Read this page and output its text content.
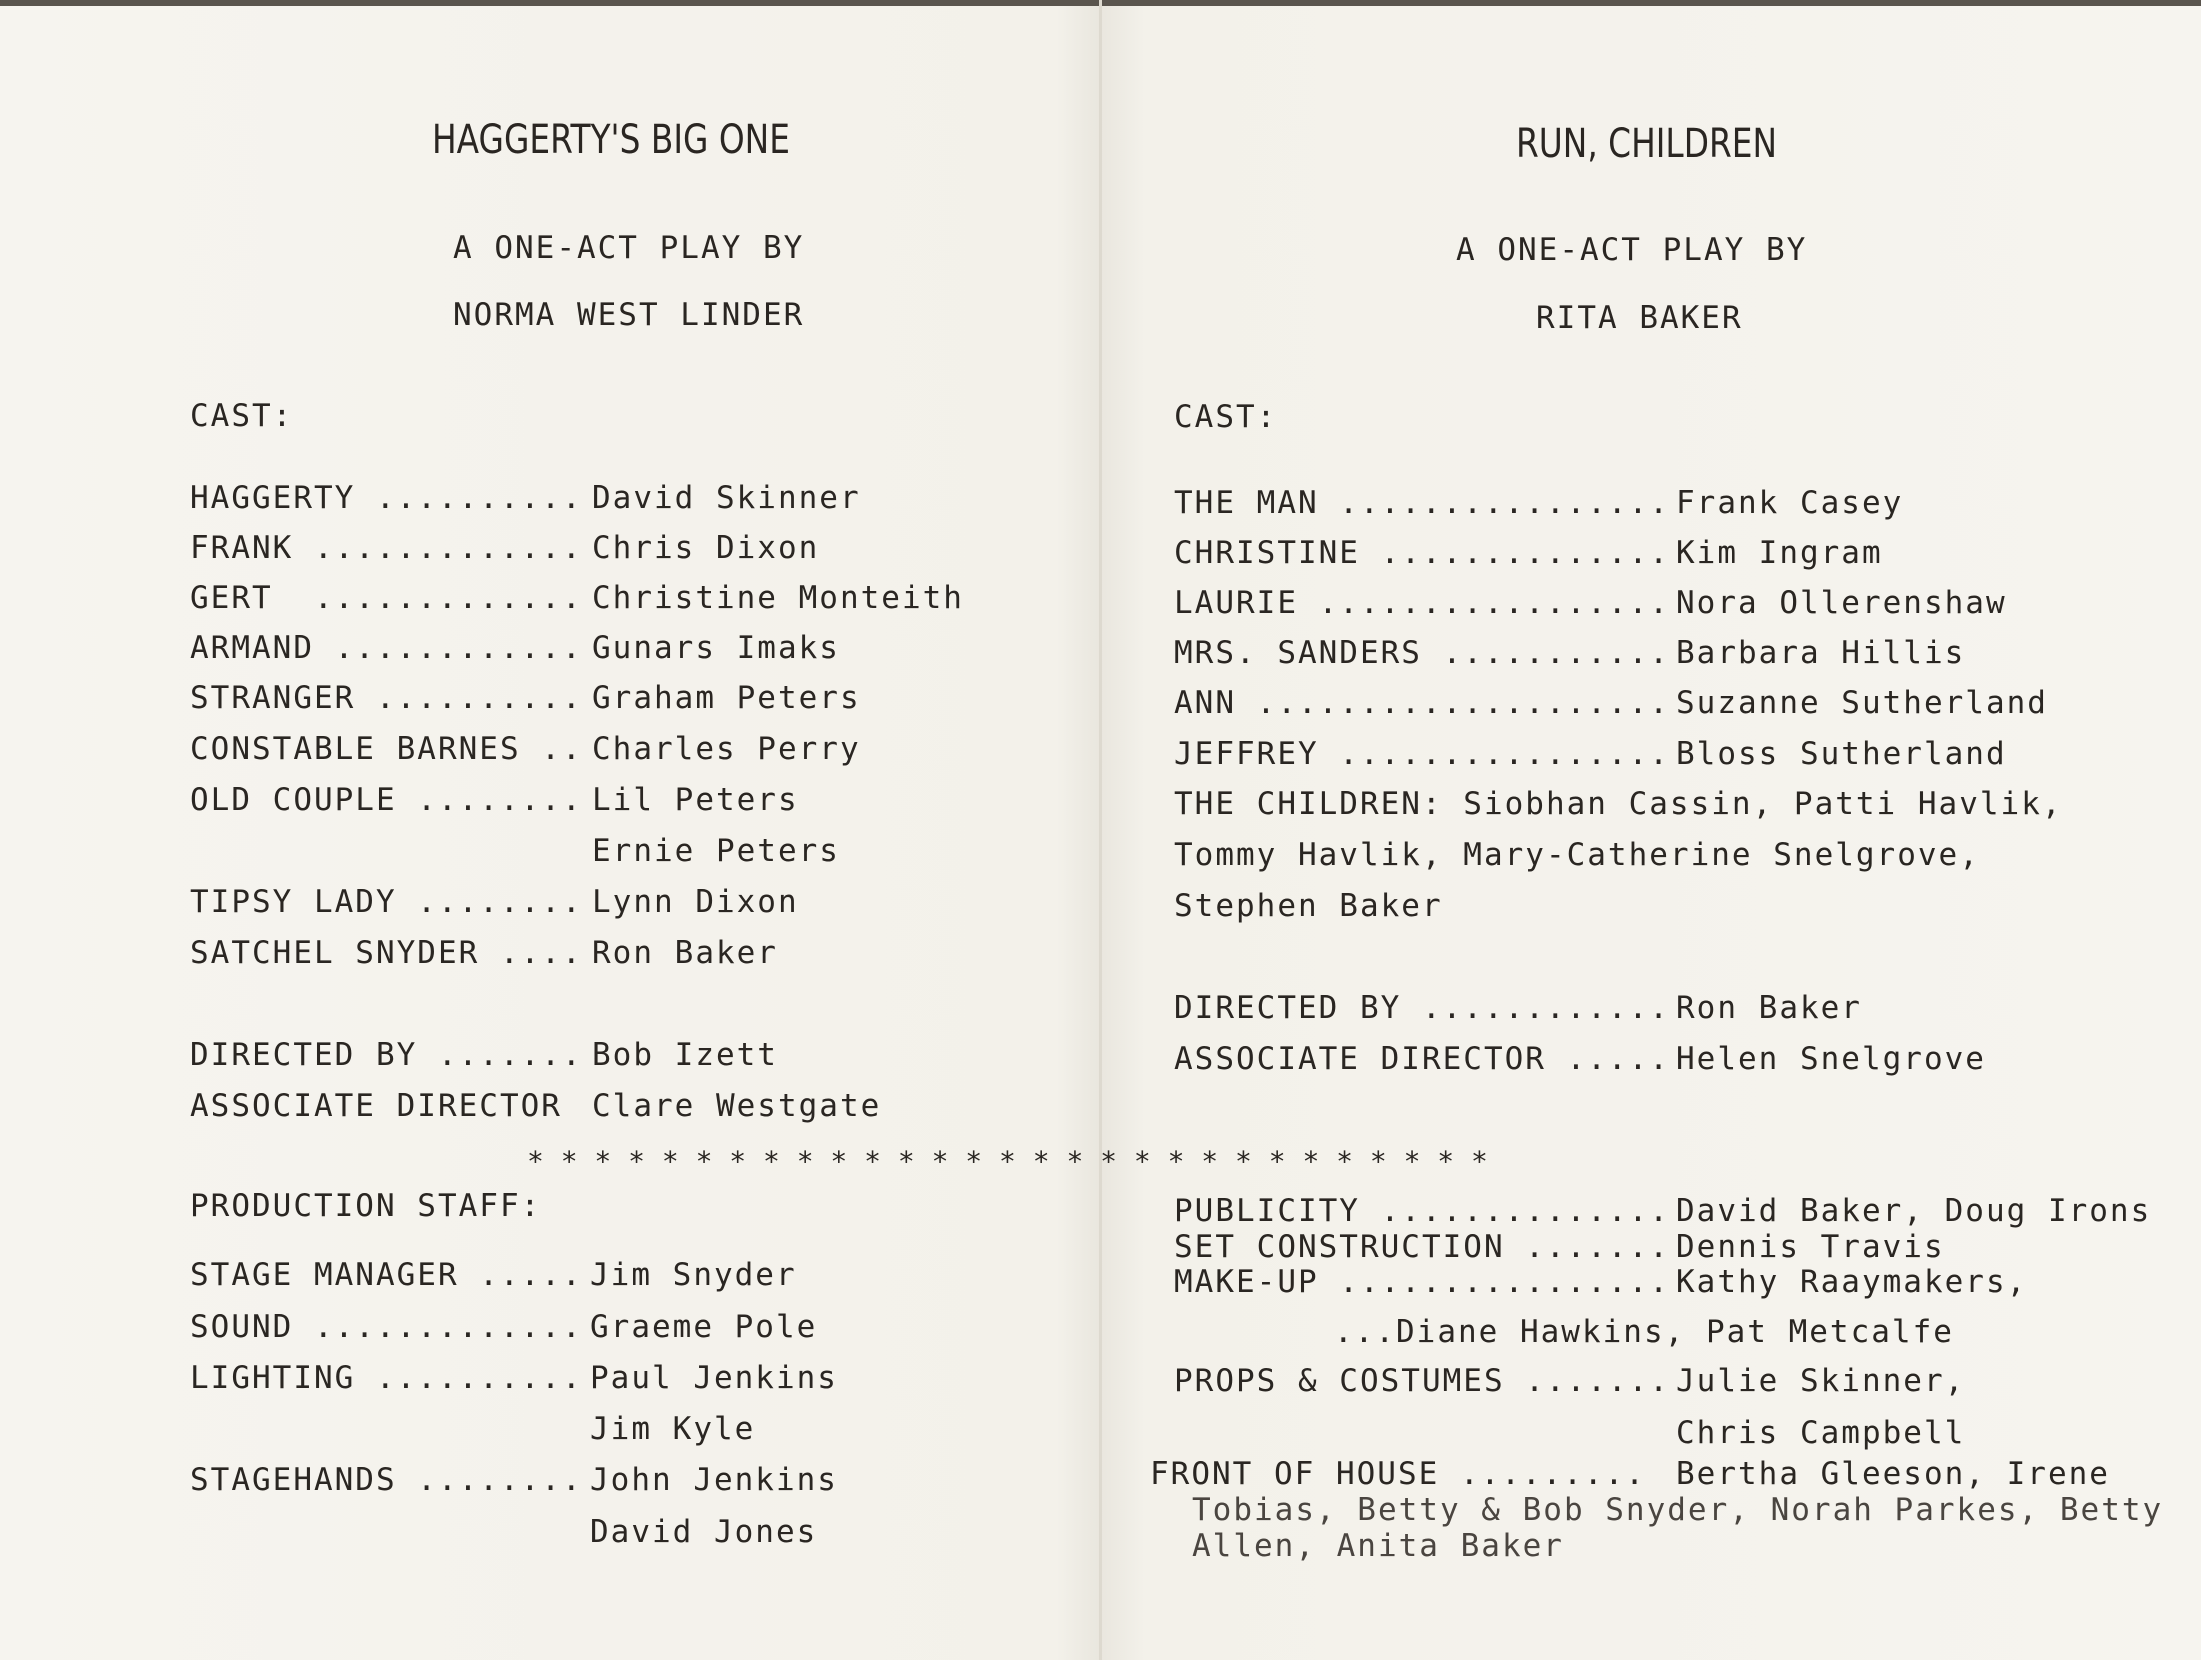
HAGGERTY'S BIG ONE
A ONE-ACT PLAY BY
NORMA WEST LINDER
CAST:
HAGGERTY .......... David Skinner
FRANK ............. Chris Dixon
GERT  ............. Christine Monteith
ARMAND ............ Gunars Imaks
STRANGER .......... Graham Peters
CONSTABLE BARNES .. Charles Perry
OLD COUPLE ........ Lil Peters
Ernie Peters
TIPSY LADY ........ Lynn Dixon
SATCHEL SNYDER .... Ron Baker
DIRECTED BY ....... Bob Izett
ASSOCIATE DIRECTOR Clare Westgate
PRODUCTION STAFF:
STAGE MANAGER ..... Jim Snyder
SOUND ............. Graeme Pole
LIGHTING .......... Paul Jenkins
Jim Kyle
STAGEHANDS ........ John Jenkins
David Jones
* * * * * * * * * * * * * * * * * * * * * * * * * * * * *
RUN, CHILDREN
A ONE-ACT PLAY BY
RITA BAKER
CAST:
THE MAN ................ Frank Casey
CHRISTINE .............. Kim Ingram
LAURIE ................. Nora Ollerenshaw
MRS. SANDERS ........... Barbara Hillis
ANN .................... Suzanne Sutherland
JEFFREY ................ Bloss Sutherland
THE CHILDREN: Siobhan Cassin, Patti Havlik,
Tommy Havlik, Mary-Catherine Snelgrove,
Stephen Baker
DIRECTED BY ............ Ron Baker
ASSOCIATE DIRECTOR ..... Helen Snelgrove
PUBLICITY .............. David Baker, Doug Irons
SET CONSTRUCTION ....... Dennis Travis
MAKE-UP ................ Kathy Raaymakers,
...Diane Hawkins, Pat Metcalfe
PROPS & COSTUMES ....... Julie Skinner,
Chris Campbell
FRONT OF HOUSE ......... Bertha Gleeson, Irene
Tobias, Betty & Bob Snyder, Norah Parkes, Betty
Allen, Anita Baker
